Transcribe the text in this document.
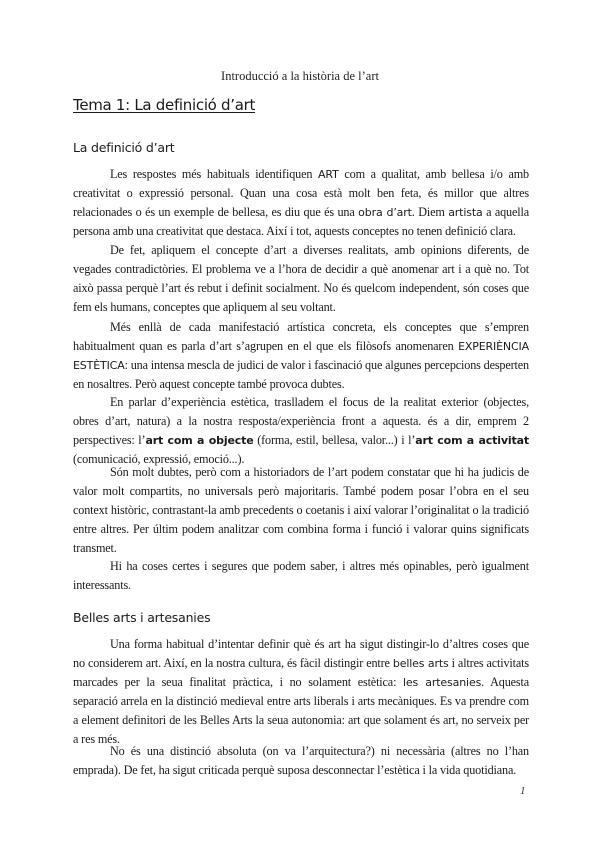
Introducció a la història de l’art
Tema 1: La definició d’art
La definició d’art

Les respostes més habituals identifiquen ART com a qualitat, amb bellesa i/o amb creativitat o expressió personal. Quan una cosa està molt ben feta, és millor que altres relacionades o és un exemple de bellesa, es diu que és una obra d’art. Diem artista a aquella persona amb una creativitat que destaca. Així i tot, aquests conceptes no tenen definició clara.

De fet, apliquem el concepte d’art a diverses realitats, amb opinions diferents, de vegades contradictòries. El problema ve a l’hora de decidir a què anomenar art i a què no. Tot això passa perquè l’art és rebut i definit socialment. No és quelcom independent, són coses que fem els humans, conceptes que apliquem al seu voltant.

Més enllà de cada manifestació artística concreta, els conceptes que s’empren habitualment quan es parla d’art s’agrupen en el que els filòsofs anomenaren EXPERIÈNCIA ESTÈTICA: una intensa mescla de judici de valor i fascinació que algunes percepcions desperten en nosaltres. Però aquest concepte també provoca dubtes.

En parlar d’experiència estètica, traslladem el focus de la realitat exterior (objectes, obres d’art, natura) a la nostra resposta/experiència front a aquesta. és a dir, emprem 2 perspectives: l’art com a objecte (forma, estil, bellesa, valor...) i l’art com a activitat (comunicació, expressió, emoció...).

Són molt dubtes, però com a historiadors de l’art podem constatar que hi ha judicis de valor molt compartits, no universals però majoritaris. També podem posar l’obra en el seu context històric, contrastant-la amb precedents o coetanis i així valorar l’originalitat o la tradició entre altres. Per últim podem analitzar com combina forma i funció i valorar quins significats transmet.

Hi ha coses certes i segures que podem saber, i altres més opinables, però igualment interessants.

Belles arts i artesanies

Una forma habitual d’intentar definir què és art ha sigut distingir-lo d’altres coses que no considerem art. Així, en la nostra cultura, és fàcil distingir entre belles arts i altres activitats marcades per la seua finalitat pràctica, i no solament estètica: les artesanies. Aquesta separació arrela en la distinció medieval entre arts liberals i arts mecàniques. Es va prendre com a element definitori de les Belles Arts la seua autonomia: art que solament és art, no serveix per a res més.

No és una distinció absoluta (on va l’arquitectura?) ni necessària (altres no l’han emprada). De fet, ha sigut criticada perquè suposa desconnectar l’estètica i la vida quotidiana.

1
